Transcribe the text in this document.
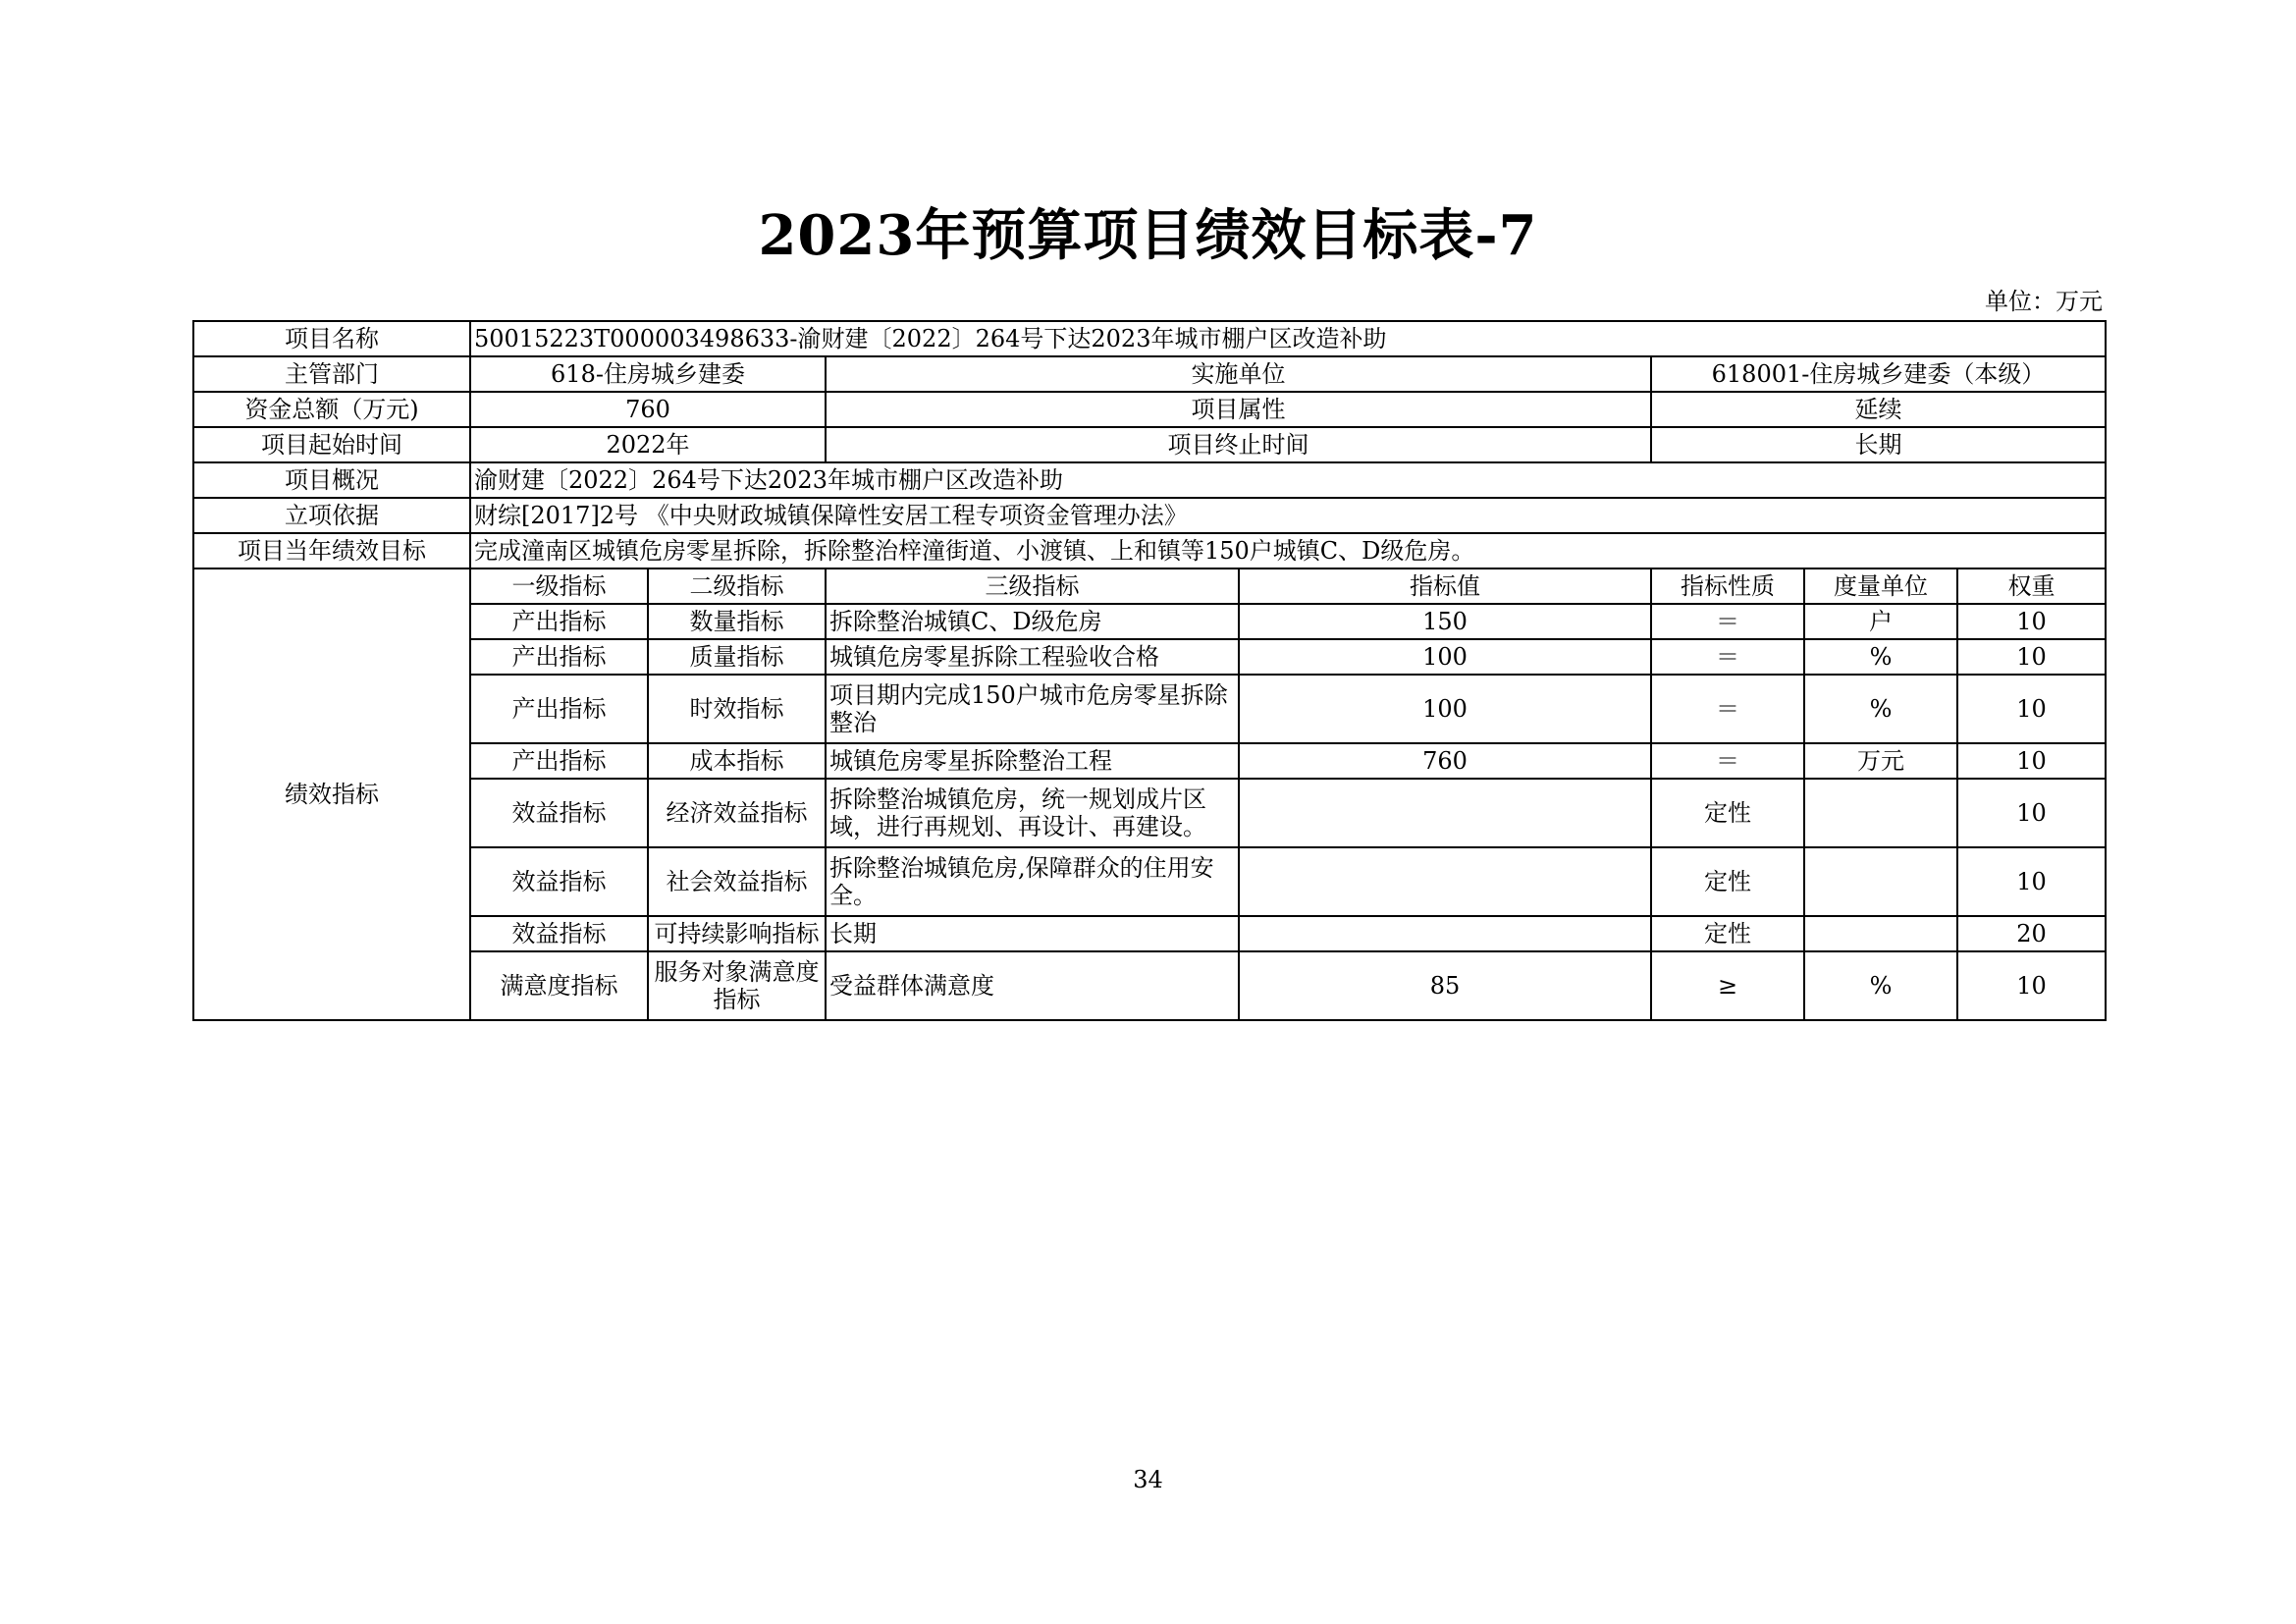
2023年预算项目绩效目标表-7
单位：万元
项目名称	50015223T000003498633-渝财建〔2022〕264号下达2023年城市棚户区改造补助						
主管部门	618-住房城乡建委		实施单位		618001-住房城乡建委（本级）		
资金总额（万元)	760		项目属性		延续		
项目起始时间	2022年		项目终止时间		长期		
项目概况	渝财建〔2022〕264号下达2023年城市棚户区改造补助						
立项依据	财综[2017]2号 《中央财政城镇保障性安居工程专项资金管理办法》						
项目当年绩效目标	完成潼南区城镇危房零星拆除，拆除整治梓潼街道、小渡镇、上和镇等150户城镇C、D级危房。						
绩效指标	一级指标	二级指标	三级指标	指标值	指标性质	度量单位	权重
	产出指标	数量指标	拆除整治城镇C、D级危房	150	＝	户	10
	产出指标	质量指标	城镇危房零星拆除工程验收合格	100	＝	%	10
	产出指标	时效指标	项目期内完成150户城市危房零星拆除整治	100	＝	%	10
	产出指标	成本指标	城镇危房零星拆除整治工程	760	＝	万元	10
	效益指标	经济效益指标	拆除整治城镇危房，统一规划成片区域，进行再规划、再设计、再建设。		定性		10
	效益指标	社会效益指标	拆除整治城镇危房,保障群众的住用安全。		定性		10
	效益指标	可持续影响指标	长期		定性		20
	满意度指标	服务对象满意度指标	受益群体满意度	85	≥	%	10
34
